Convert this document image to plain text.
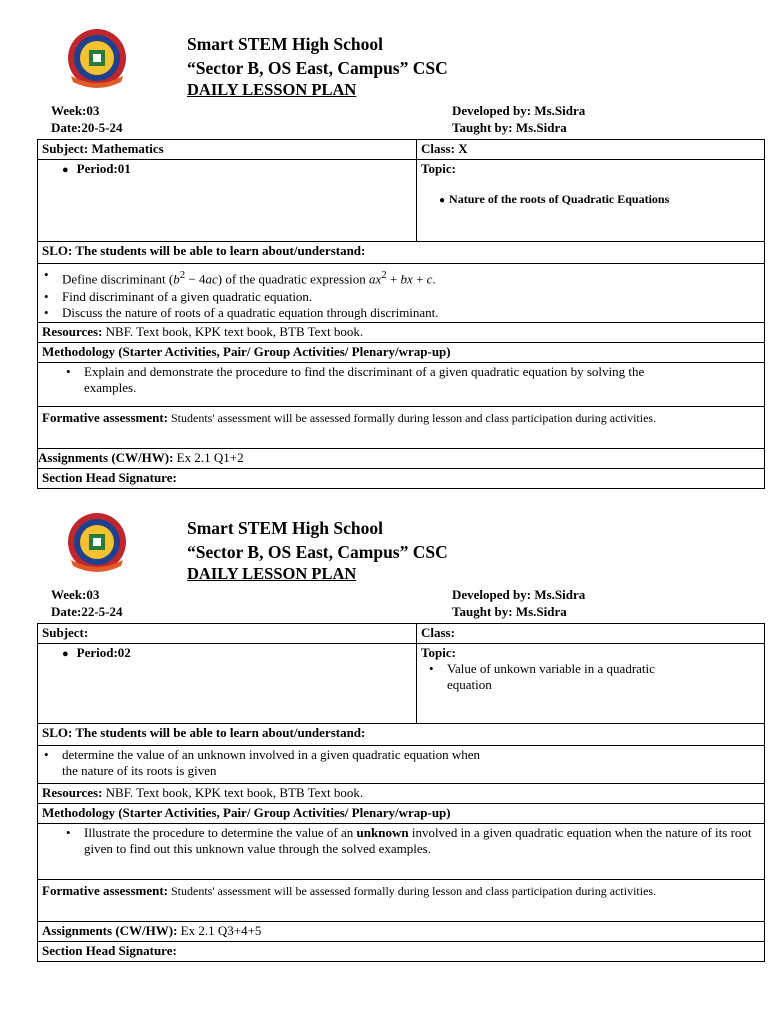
Smart STEM High School
“Sector B, OS East, Campus” CSC
DAILY LESSON PLAN
Week:03
Date:20-5-24
Developed by: Ms.Sidra
Taught by: Ms.Sidra
Subject: Mathematics	Class: X
● Period:01	Topic:
● Nature of the roots of Quadratic Equations

SLO: The students will be able to learn about/understand:	

• Define discriminant $(b^2 - 4ac)$ of the quadratic expression $ax^2$ + bx + c.
• Find discriminant of a given quadratic equation.
• Discuss the nature of roots of a quadratic equation through discriminant.

Resources: NBF. Text book, KPK text book, BTB Text book.	
Methodology (Starter Activities, Pair/ Group Activities/ Plenary/wrap-up)	

• Explain and demonstrate the procedure to find the discriminant of a given quadratic equation by solving the examples.

Formative assessment: Students' assessment will be assessed formally during lesson and class participation during activities.	
Assignments (CW/HW): Ex 2.1 Q1+2	
Section Head Signature:	
Smart STEM High School
“Sector B, OS East, Campus” CSC
DAILY LESSON PLAN
Week:03
Date:22-5-24
Developed by: Ms.Sidra
Taught by: Ms.Sidra
Subject:	Class:
● Period:02	Topic:
• Value of unkown variable in a quadratic equation

SLO: The students will be able to learn about/understand:	

• determine the value of an unknown involved in a given quadratic equation when the nature of its roots is given

Resources: NBF. Text book, KPK text book, BTB Text book.	
Methodology (Starter Activities, Pair/ Group Activities/ Plenary/wrap-up)	

• Illustrate the procedure to determine the value of an unknown involved in a given quadratic equation when the nature of its root given to find out this unknown value through the solved examples.

Formative assessment: Students' assessment will be assessed formally during lesson and class participation during activities.	
Assignments (CW/HW): Ex 2.1 Q3+4+5	
Section Head Signature:	
